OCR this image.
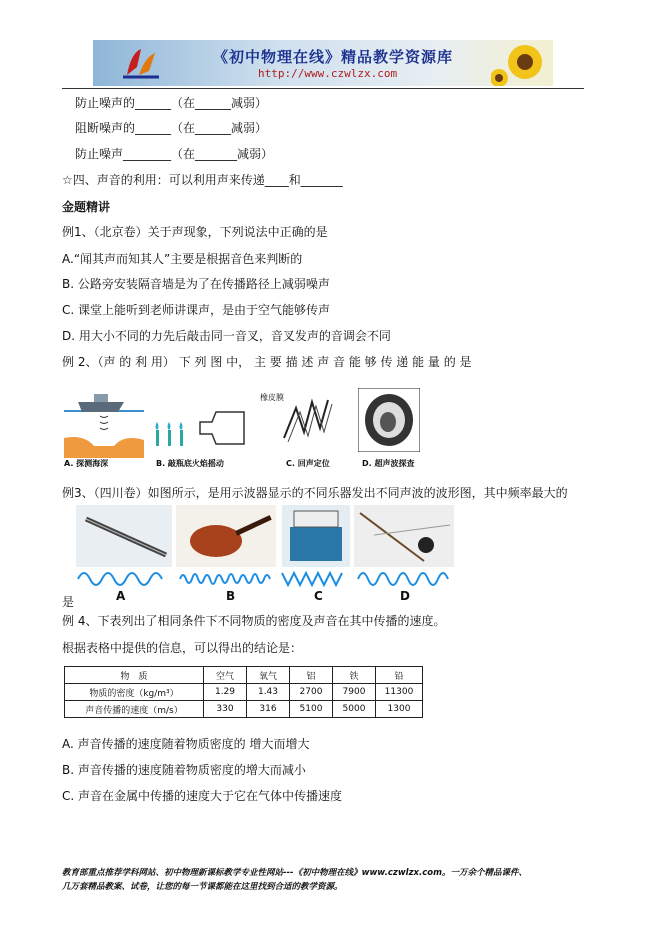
《初中物理在线》精品教学资源库
http://www.czwlzx.com
防止噪声的______（在______减弱）
阻断噪声的______（在______减弱）
防止噪声________（在_______减弱）
☆四、声音的利用：可以利用声来传递____和_______
金题精讲
例1、（北京卷）关于声现象，下列说法中正确的是
A.“闻其声而知其人”主要是根据音色来判断的
B. 公路旁安装隔音墙是为了在传播路径上减弱噪声
C. 课堂上能听到老师讲课声，是由于空气能够传声
D. 用大小不同的力先后敲击同一音叉，音叉发声的音调会不同
例 2、（声 的 利 用） 下 列 图 中， 主 要 描 述 声 音 能 够 传 递 能 量 的 是
A. 探测海深
橡皮膜
B. 敲瓶底火焰摇动	C. 回声定位	D. 超声波探查
例3、（四川卷）如图所示，是用示波器显示的不同乐器发出不同声波的波形图，其中频率最大的
A	B	C	D
是
例 4、下表列出了相同条件下不同物质的密度及声音在其中传播的速度。
根据表格中提供的信息，可以得出的结论是：
物　质	空气	氧气	铝	铁	铅
物质的密度（kg/m³）	1.29	1.43	2700	7900	11300
声音传播的速度（m/s）	330	316	5100	5000	1300
A. 声音传播的速度随着物质密度的 增大而增大
B. 声音传播的速度随着物质密度的增大而减小
C. 声音在金属中传播的速度大于它在气体中传播速度
教育部重点推荐学科网站、初中物理新课标教学专业性网站---《初中物理在线》www.czwlzx.com。一万余个精品课件、
几万套精品教案、试卷，让您的每一节课都能在这里找到合适的教学资源。
